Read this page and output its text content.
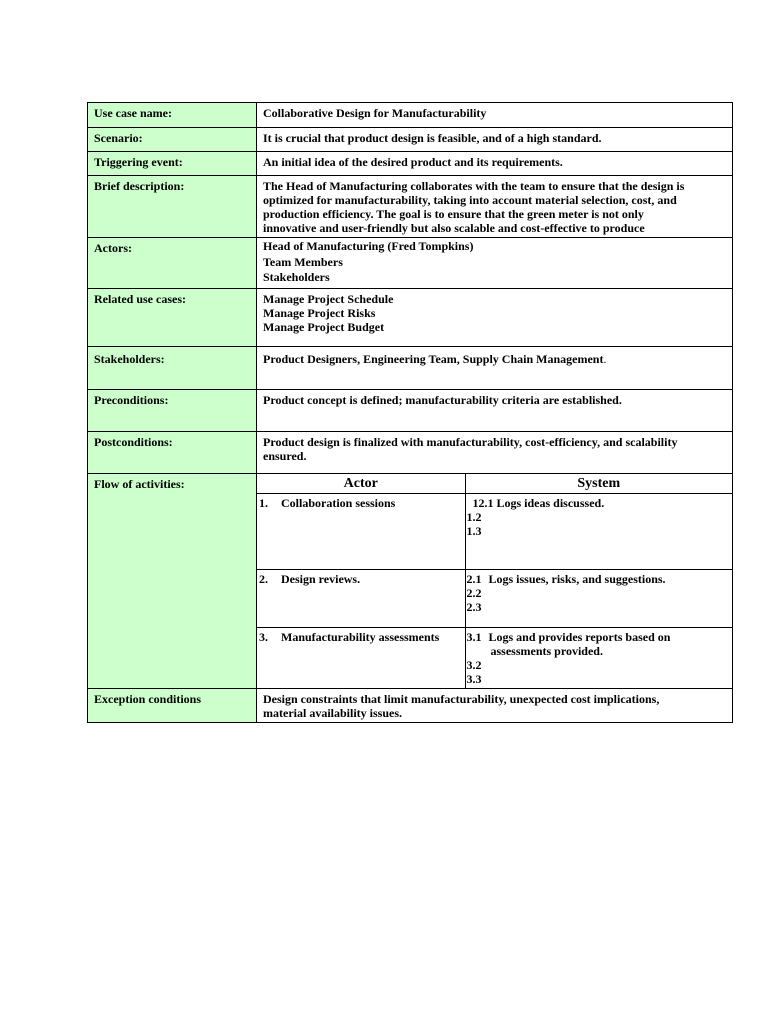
Use case name:	Collaborative Design for Manufacturability
Scenario:	It is crucial that product design is feasible, and of a high standard.
Triggering event:	An initial idea of the desired product and its requirements.
Brief description:	The Head of Manufacturing collaborates with the team to ensure that the design is
optimized for manufacturability, taking into account material selection, cost, and
production efficiency. The goal is to ensure that the green meter is not only
innovative and user-friendly but also scalable and cost-effective to produce

Actors:	Head of Manufacturing (Fred Tompkins)
Team Members
Stakeholders

Related use cases:	Manage Project Schedule
Manage Project Risks
Manage Project Budget

Stakeholders:	Product Designers, Engineering Team, Supply Chain Management.
Preconditions:	Product concept is defined; manufacturability criteria are established.
Postconditions:	Product design is finalized with manufacturability, cost-efficiency, and scalability
ensured.

Flow of activities:		Actor	System
1. Collaboration sessions	12.1 Logs ideas discussed.
1.2
1.3

2. Design reviews.	2.1 Logs issues, risks, and suggestions.
2.2
2.3

3. Manufacturability assessments	3.1 Logs and provides reports based on
assessments provided.
3.2
3.3

Exception conditions	Design constraints that limit manufacturability, unexpected cost implications,
material availability issues.
